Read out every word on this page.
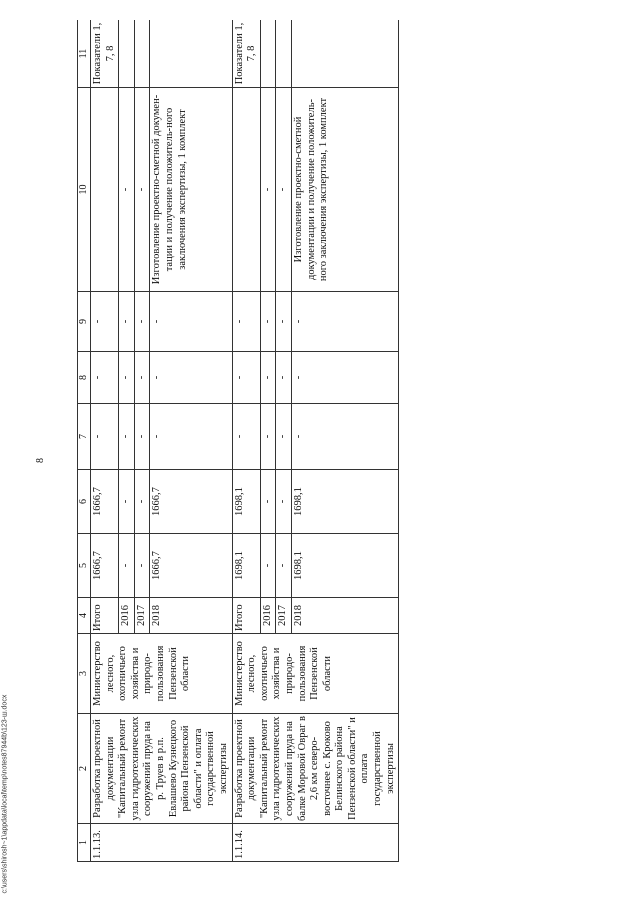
8
1	2	3	4	5	6	7	8	9	10	11
1.1.13.	Разработка проектной документации "Капитальный ремонт узла гидротехнических сооружений пруда на р. Труев в р.п. Евлашево Кузнецкого района Пензенской области" и оплата государственной экспертизы	Министерство лесного, охотничьего хозяйства и природо-пользования Пензенской области	Итого	1666,7	1666,7	-	-	-		Показатели 1, 7, 8
			2016	-	-	-	-	-	-	
			2017	-	-	-	-	-	-	
			2018	1666,7	1666,7	-	-	-	Изготовление проектно-сметной докумен-тации и получение положитель-ного заключения экспертизы, 1 комплект	
1.1.14.	Разработка проектной документации "Капитальный ремонт узла гидротехнических сооружений пруда на балке Моровой Овраг в 2,6 км северо-восточнее с. Кроково Белинского района Пензенской области" и оплата государственной экспертизы	Министерство лесного, охотничьего хозяйства и природо-пользования Пензенской области	Итого	1698,1	1698,1	-	-	-		Показатели 1, 7, 8
			2016	-	-	-	-	-	-	
			2017	-	-	-	-	-	-	
			2018	1698,1	1698,1	-	-	-	Изготовление проектно-сметной документации и получение положитель-ного заключения экспертизы, 1 комплект	
c:\users\shirosh~1\appdata\local\temp\notes87944b\123-ш.docx
